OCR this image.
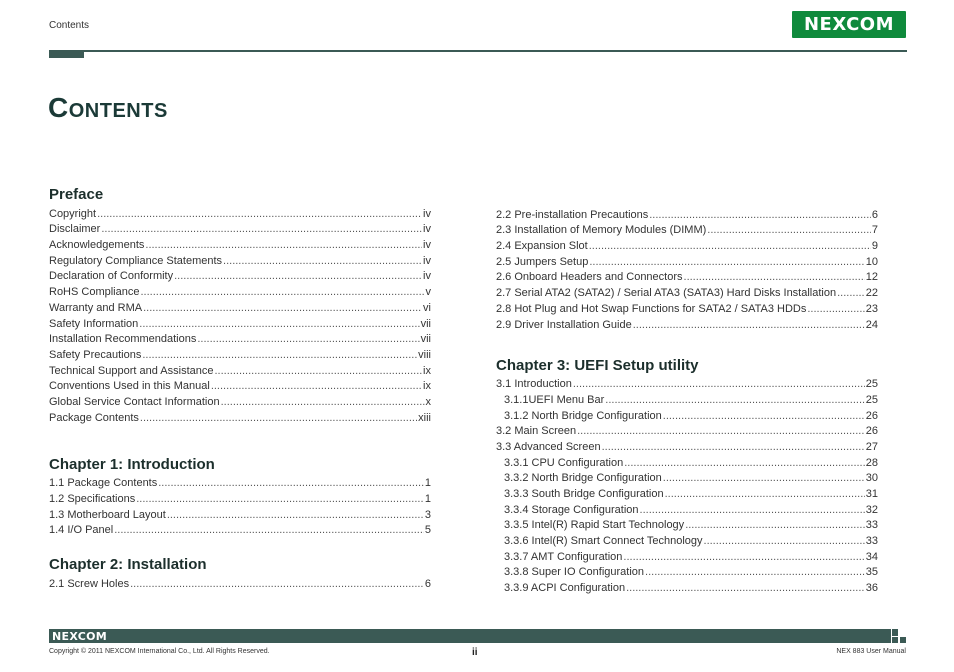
Contents	NEXCOM
CONTENTS
Preface
Copyright .....	iv
Disclaimer .....	iv
Acknowledgements .....	iv
Regulatory Compliance Statements .....	iv
Declaration of Conformity .....	iv
RoHS Compliance .....	v
Warranty and RMA .....	vi
Safety Information .....	vii
Installation Recommendations .....	vii
Safety Precautions .....	viii
Technical Support and Assistance .....	ix
Conventions Used in this Manual .....	ix
Global Service Contact Information .....	x
Package Contents .....	xiii
Chapter 1: Introduction
1.1 Package Contents .....	1
1.2 Specifications .....	1
1.3 Motherboard Layout .....	3
1.4 I/O Panel .....	5
Chapter 2: Installation
2.1 Screw Holes .....	6
2.2 Pre-installation Precautions .....	6
2.3 Installation of Memory Modules (DIMM) .....	7
2.4 Expansion Slot .....	9
2.5 Jumpers Setup .....	10
2.6 Onboard Headers and Connectors .....	12
2.7 Serial ATA2 (SATA2) / Serial ATA3 (SATA3) Hard Disks Installation .....	22
2.8 Hot Plug and Hot Swap Functions for SATA2 / SATA3 HDDs .....	23
2.9 Driver Installation Guide .....	24
Chapter 3: UEFI Setup utility
3.1 Introduction .....	25
3.1.1UEFI Menu Bar .....	25
3.1.2 North Bridge Configuration .....	26
3.2 Main Screen .....	26
3.3 Advanced Screen .....	27
3.3.1 CPU Configuration .....	28
3.3.2 North Bridge Configuration .....	30
3.3.3 South Bridge Configuration .....	31
3.3.4 Storage Configuration .....	32
3.3.5 Intel(R) Rapid Start Technology .....	33
3.3.6 Intel(R) Smart Connect Technology .....	33
3.3.7 AMT Configuration .....	34
3.3.8 Super IO Configuration .....	35
3.3.9 ACPI Configuration .....	36
NEXCOM
Copyright © 2011 NEXCOM International Co., Ltd. All Rights Reserved.	ii	NEX 883 User Manual
